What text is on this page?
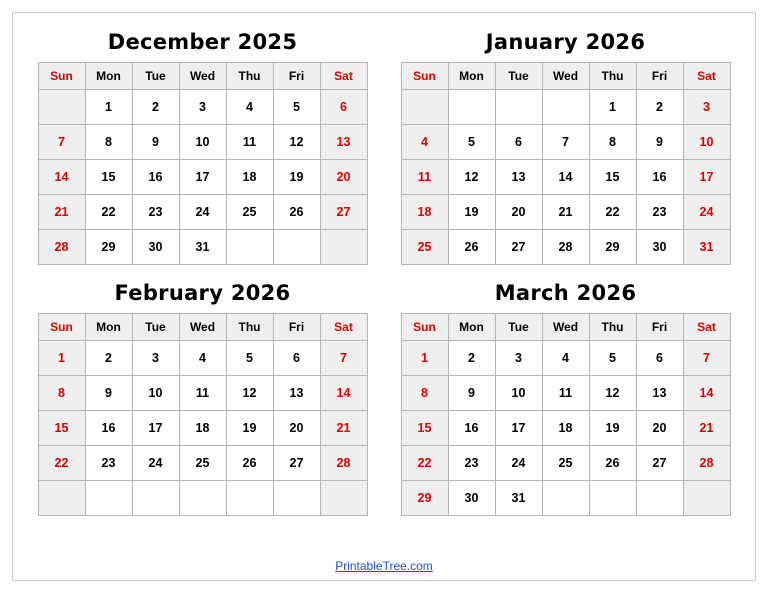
December 2025
Sun	Mon	Tue	Wed	Thu	Fri	Sat
	1	2	3	4	5	6
7	8	9	10	11	12	13
14	15	16	17	18	19	20
21	22	23	24	25	26	27
28	29	30	31			
January 2026
Sun	Mon	Tue	Wed	Thu	Fri	Sat
				1	2	3
4	5	6	7	8	9	10
11	12	13	14	15	16	17
18	19	20	21	22	23	24
25	26	27	28	29	30	31
February 2026
Sun	Mon	Tue	Wed	Thu	Fri	Sat
1	2	3	4	5	6	7
8	9	10	11	12	13	14
15	16	17	18	19	20	21
22	23	24	25	26	27	28

March 2026
Sun	Mon	Tue	Wed	Thu	Fri	Sat
1	2	3	4	5	6	7
8	9	10	11	12	13	14
15	16	17	18	19	20	21
22	23	24	25	26	27	28
29	30	31				
PrintableTree.com
